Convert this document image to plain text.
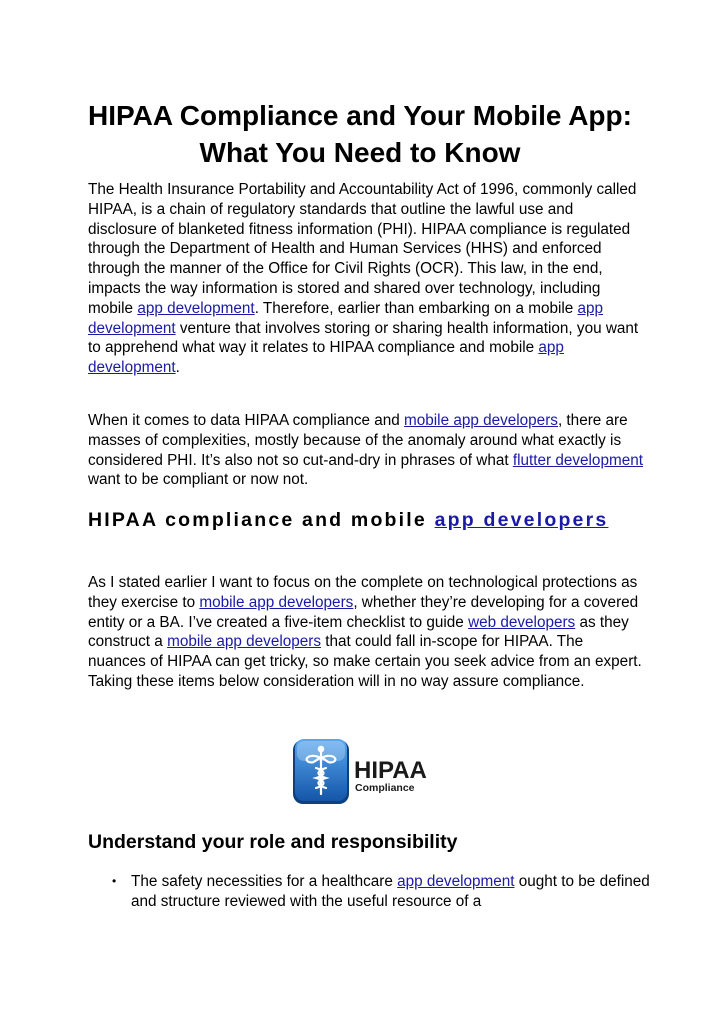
HIPAA Compliance and Your Mobile App: What You Need to Know

The Health Insurance Portability and Accountability Act of 1996, commonly called HIPAA, is a chain of regulatory standards that outline the lawful use and disclosure of blanketed fitness information (PHI). HIPAA compliance is regulated through the Department of Health and Human Services (HHS) and enforced through the manner of the Office for Civil Rights (OCR). This law, in the end, impacts the way information is stored and shared over technology, including mobile app development. Therefore, earlier than embarking on a mobile app development venture that involves storing or sharing health information, you want to apprehend what way it relates to HIPAA compliance and mobile app development.

When it comes to data HIPAA compliance and mobile app developers, there are masses of complexities, mostly because of the anomaly around what exactly is considered PHI. It’s also not so cut-and-dry in phrases of what flutter development want to be compliant or now not.

HIPAA compliance and mobile app developers

As I stated earlier I want to focus on the complete on technological protections as they exercise to mobile app developers, whether they’re developing for a covered entity or a BA. I’ve created a five-item checklist to guide web developers as they construct a mobile app developers that could fall in-scope for HIPAA. The nuances of HIPAA can get tricky, so make certain you seek advice from an expert. Taking these items below consideration will in no way assure compliance.

HIPAA
Compliance
Understand your role and responsibility

• The safety necessities for a healthcare app development ought to be defined and structure reviewed with the useful resource of a
